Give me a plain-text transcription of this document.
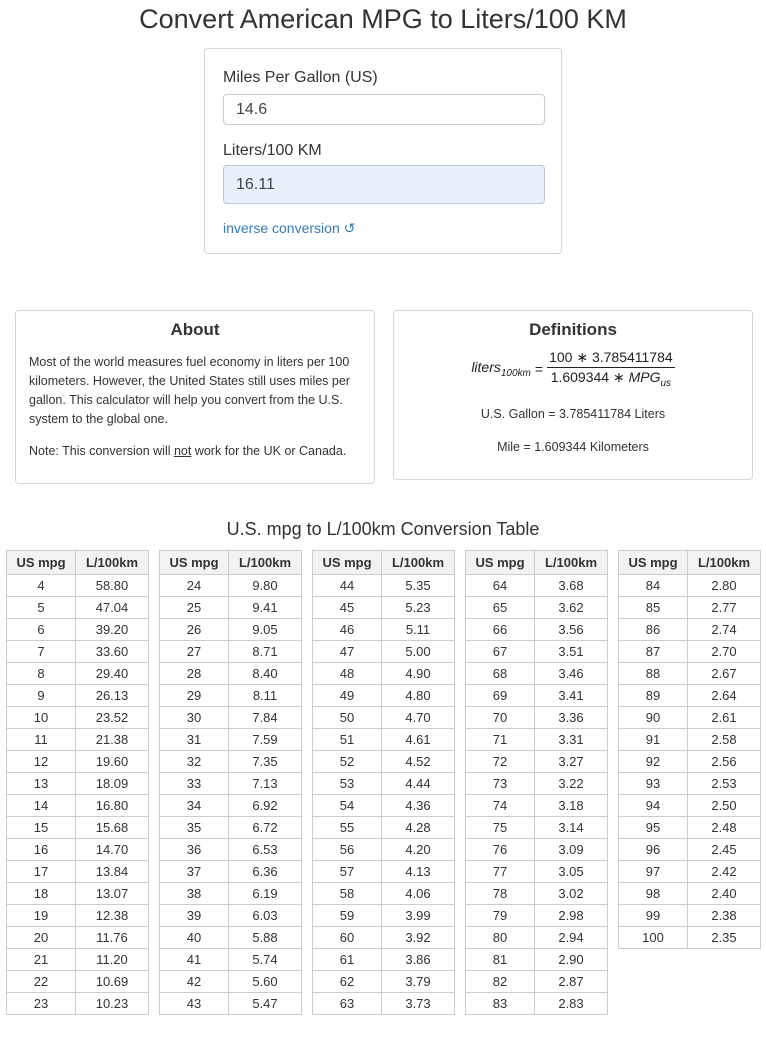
Convert American MPG to Liters/100 KM
Miles Per Gallon (US)
14.6
Liters/100 KM
16.11
inverse conversion ↺
About

Most of the world measures fuel economy in liters per 100 kilometers. However, the United States still uses miles per gallon. This calculator will help you convert from the U.S. system to the global one.

Note: This conversion will not work for the UK or Canada.

Definitions
liters$_{100km}$ = $\frac{100 ∗ 3.785411784}{1.609344 ∗ MPG_{us}}$
U.S. Gallon = 3.785411784 Liters
Mile = 1.609344 Kilometers
U.S. mpg to L/100km Conversion Table
US mpg	L/100km
4	58.80
5	47.04
6	39.20
7	33.60
8	29.40
9	26.13
10	23.52
11	21.38
12	19.60
13	18.09
14	16.80
15	15.68
16	14.70
17	13.84
18	13.07
19	12.38
20	11.76
21	11.20
22	10.69
23	10.23
US mpg	L/100km
24	9.80
25	9.41
26	9.05
27	8.71
28	8.40
29	8.11
30	7.84
31	7.59
32	7.35
33	7.13
34	6.92
35	6.72
36	6.53
37	6.36
38	6.19
39	6.03
40	5.88
41	5.74
42	5.60
43	5.47
US mpg	L/100km
44	5.35
45	5.23
46	5.11
47	5.00
48	4.90
49	4.80
50	4.70
51	4.61
52	4.52
53	4.44
54	4.36
55	4.28
56	4.20
57	4.13
58	4.06
59	3.99
60	3.92
61	3.86
62	3.79
63	3.73
US mpg	L/100km
64	3.68
65	3.62
66	3.56
67	3.51
68	3.46
69	3.41
70	3.36
71	3.31
72	3.27
73	3.22
74	3.18
75	3.14
76	3.09
77	3.05
78	3.02
79	2.98
80	2.94
81	2.90
82	2.87
83	2.83
US mpg	L/100km
84	2.80
85	2.77
86	2.74
87	2.70
88	2.67
89	2.64
90	2.61
91	2.58
92	2.56
93	2.53
94	2.50
95	2.48
96	2.45
97	2.42
98	2.40
99	2.38
100	2.35
